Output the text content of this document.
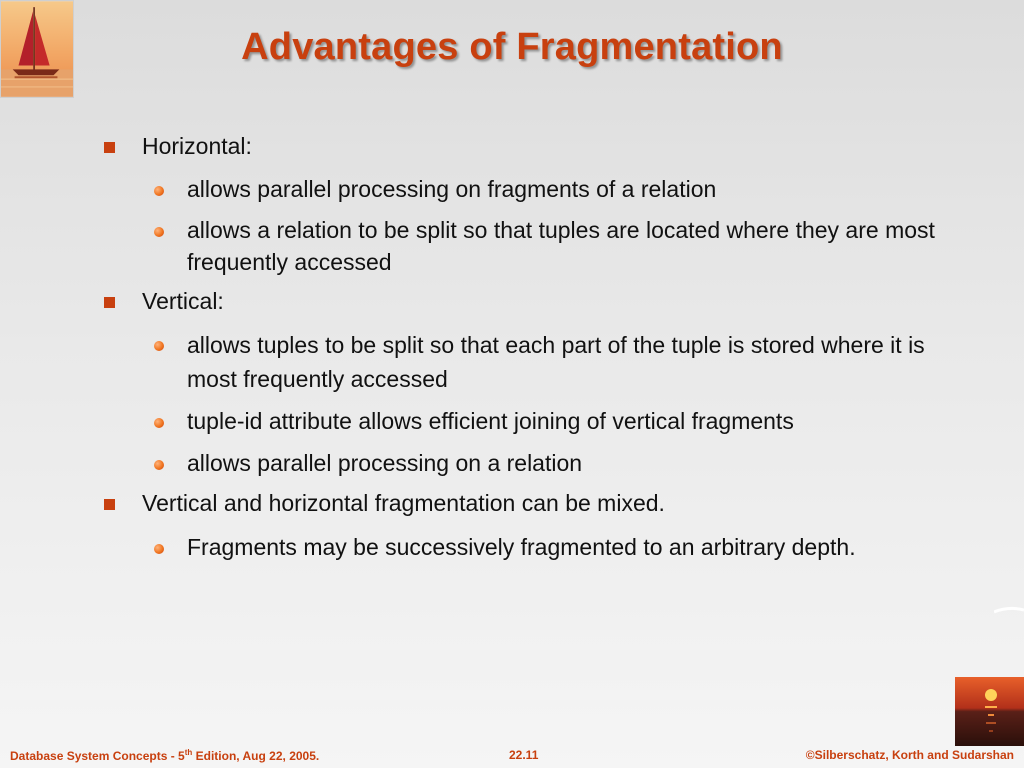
Advantages of Fragmentation
Horizontal:
allows parallel processing on fragments of a relation
allows a relation to be split so that tuples are located where they are most frequently accessed
Vertical:
allows tuples to be split so that each part of the tuple is stored where it is most frequently accessed
tuple-id attribute allows efficient joining of vertical fragments
allows parallel processing on a relation
Vertical and horizontal fragmentation can be mixed.
Fragments may be successively fragmented to an arbitrary depth.
Database System Concepts - 5th Edition, Aug 22, 2005.	22.11	©Silberschatz, Korth and Sudarshan
